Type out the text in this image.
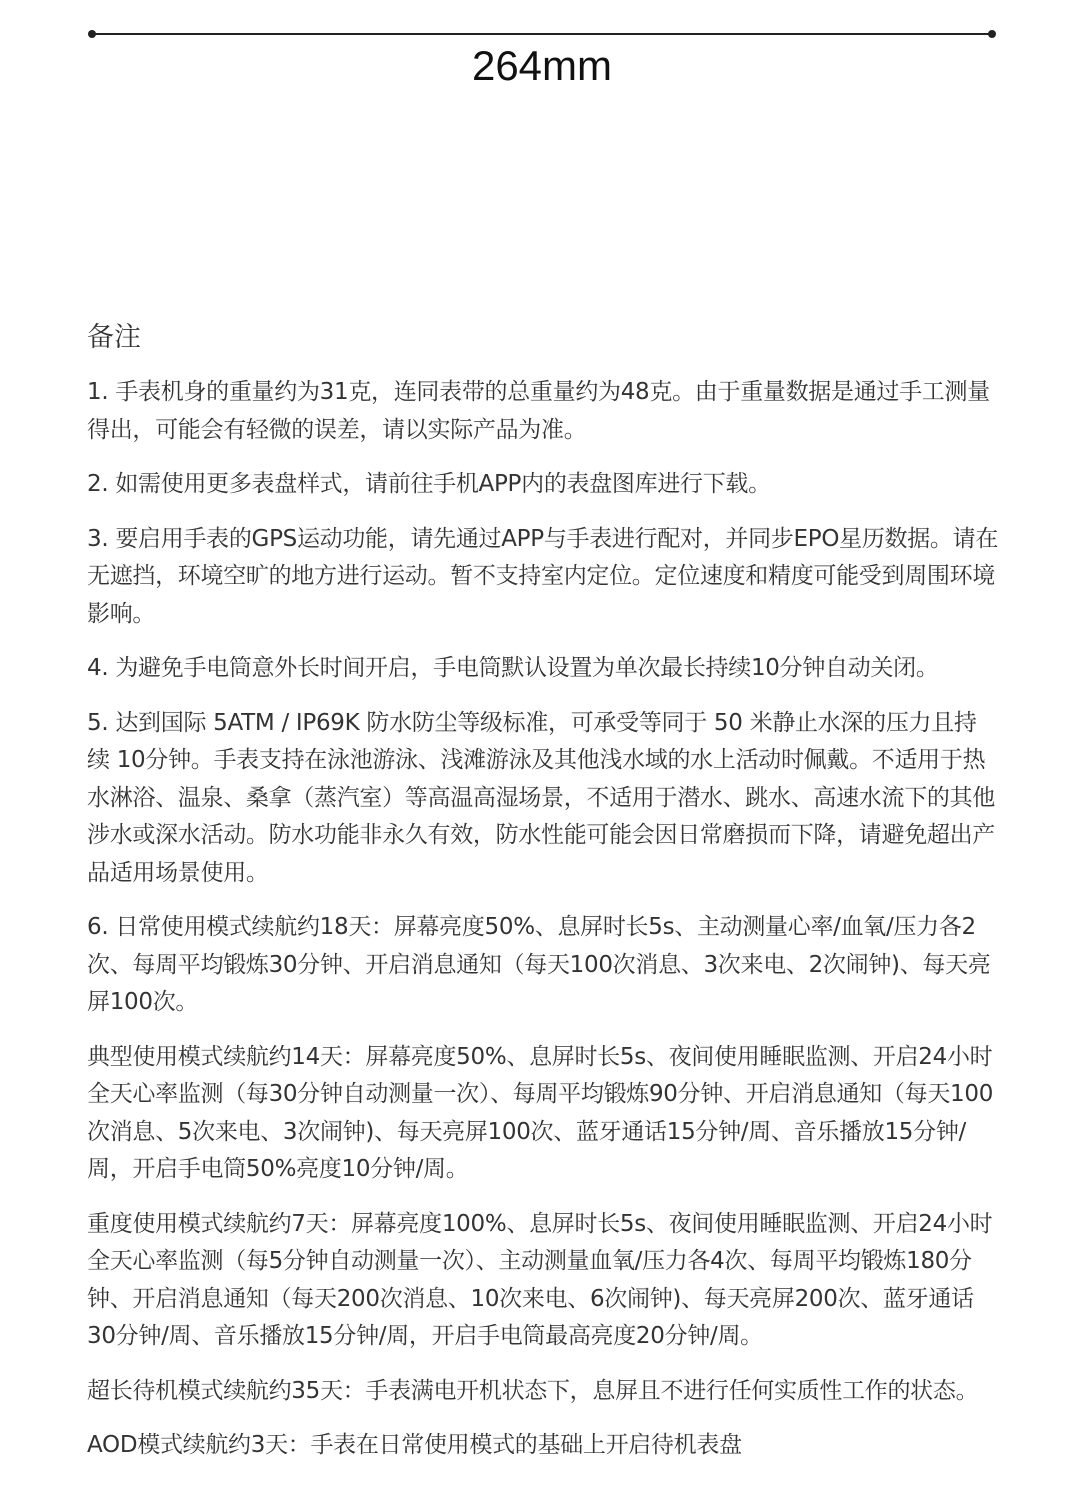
264mm
备注

1. 手表机身的重量约为31克，连同表带的总重量约为48克。由于重量数据是通过手工测量得出，可能会有轻微的误差，请以实际产品为准。

2. 如需使用更多表盘样式，请前往手机APP内的表盘图库进行下载。

3. 要启用手表的GPS运动功能，请先通过APP与手表进行配对，并同步EPO星历数据。请在无遮挡，环境空旷的地方进行运动。暂不支持室内定位。定位速度和精度可能受到周围环境影响。

4. 为避免手电筒意外长时间开启，手电筒默认设置为单次最长持续10分钟自动关闭。

5. 达到国际 5ATM / IP69K 防水防尘等级标准，可承受等同于 50 米静止水深的压力且持续 10分钟。手表支持在泳池游泳、浅滩游泳及其他浅水域的水上活动时佩戴。不适用于热水淋浴、温泉、桑拿（蒸汽室）等高温高湿场景，不适用于潜水、跳水、高速水流下的其他涉水或深水活动。防水功能非永久有效，防水性能可能会因日常磨损而下降，请避免超出产品适用场景使用。

6. 日常使用模式续航约18天：屏幕亮度50%、息屏时长5s、主动测量心率/血氧/压力各2次、每周平均锻炼30分钟、开启消息通知（每天100次消息、3次来电、2次闹钟)、每天亮屏100次。

典型使用模式续航约14天：屏幕亮度50%、息屏时长5s、夜间使用睡眠监测、开启24小时全天心率监测（每30分钟自动测量一次）、每周平均锻炼90分钟、开启消息通知（每天100次消息、5次来电、3次闹钟)、每天亮屏100次、蓝牙通话15分钟/周、音乐播放15分钟/周，开启手电筒50%亮度10分钟/周。

重度使用模式续航约7天：屏幕亮度100%、息屏时长5s、夜间使用睡眠监测、开启24小时全天心率监测（每5分钟自动测量一次）、主动测量血氧/压力各4次、每周平均锻炼180分钟、开启消息通知（每天200次消息、10次来电、6次闹钟)、每天亮屏200次、蓝牙通话30分钟/周、音乐播放15分钟/周，开启手电筒最高亮度20分钟/周。

超长待机模式续航约35天：手表满电开机状态下，息屏且不进行任何实质性工作的状态。

AOD模式续航约3天：手表在日常使用模式的基础上开启待机表盘
